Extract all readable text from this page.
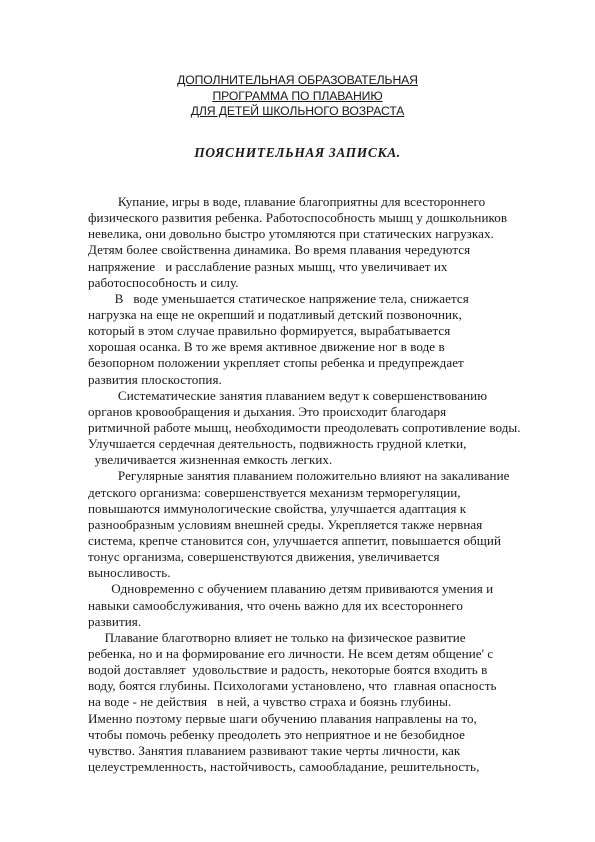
ДОПОЛНИТЕЛЬНАЯ ОБРАЗОВАТЕЛЬНАЯ
ПРОГРАММА ПО ПЛАВАНИЮ
ДЛЯ ДЕТЕЙ ШКОЛЬНОГО ВОЗРАСТА
ПОЯСНИТЕЛЬНАЯ ЗАПИСКА.
Купание, игры в воде, плавание благоприятны для всестороннего
физического развития ребенка. Работоспособность мышц у дошкольников
невелика, они довольно быстро утомляются при статических нагрузках.
Детям более свойственна динамика. Во время плавания чередуются
напряжение   и расслабление разных мышц, что увеличивает их
работоспособность и силу.
В   воде уменьшается статическое напряжение тела, снижается
нагрузка на еще не окрепший и податливый детский позвоночник,
который в этом случае правильно формируется, вырабатывается
хорошая осанка. В то же время активное движение ног в воде в
безопорном положении укрепляет стопы ребенка и предупреждает
развития плоскостопия.
Систематические занятия плаванием ведут к совершенствованию
органов кровообращения и дыхания. Это происходит благодаря
ритмичной работе мышц, необходимости преодолевать сопротивление воды.
Улучшается сердечная деятельность, подвижность грудной клетки,
увеличивается жизненная емкость легких.
Регулярные занятия плаванием положительно влияют на закаливание
детского организма: совершенствуется механизм терморегуляции,
повышаются иммунологические свойства, улучшается адаптация к
разнообразным условиям внешней среды. Укрепляется также нервная
система, крепче становится сон, улучшается аппетит, повышается общий
тонус организма, совершенствуются движения, увеличивается
выносливость.
Одновременно с обучением плаванию детям прививаются умения и
навыки самообслуживания, что очень важно для их всестороннего
развития.
Плавание благотворно влияет не только на физическое развитие
ребенка, но и на формирование его личности. Не всем детям общение' с
водой доставляет  удовольствие и радость, некоторые боятся входить в
воду, боятся глубины. Психологами установлено, что  главная опасность
на воде - не действия   в ней, а чувство страха и боязнь глубины.
Именно поэтому первые шаги обучению плавания направлены на то,
чтобы помочь ребенку преодолеть это неприятное и не безобидное
чувство. Занятия плаванием развивают такие черты личности, как
целеустремленность, настойчивость, самообладание, решительность,
